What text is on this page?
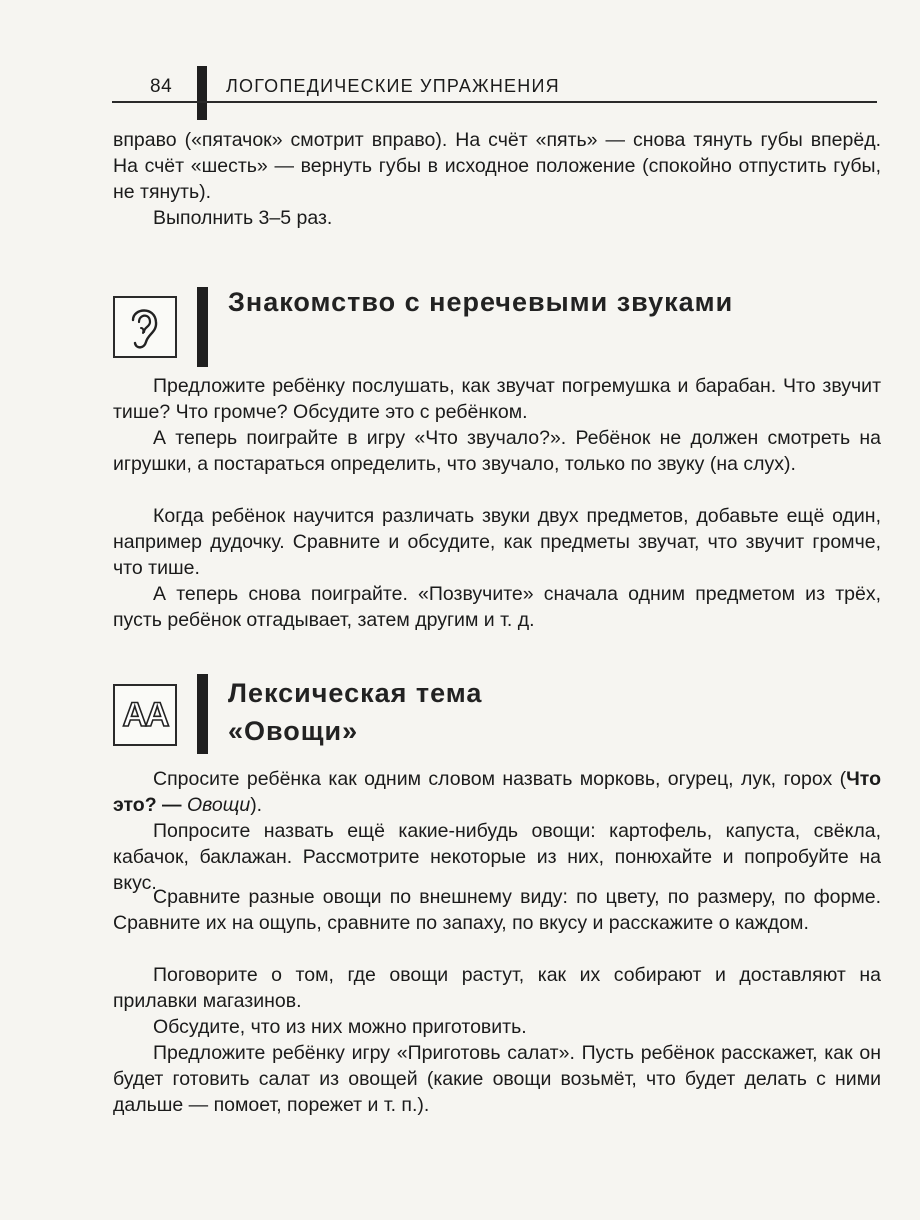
84	ЛОГОПЕДИЧЕСКИЕ УПРАЖНЕНИЯ
вправо («пятачок» смотрит вправо). На счёт «пять» — снова тянуть губы вперёд. На счёт «шесть» — вернуть губы в исходное положение (спокойно отпустить губы, не тянуть).
Выполнить 3–5 раз.
Знакомство с неречевыми звуками
Предложите ребёнку послушать, как звучат погремушка и барабан. Что звучит тише? Что громче? Обсудите это с ребёнком.
А теперь поиграйте в игру «Что звучало?». Ребёнок не должен смотреть на игрушки, а постараться определить, что звучало, только по звуку (на слух).
Когда ребёнок научится различать звуки двух предметов, добавьте ещё один, например дудочку. Сравните и обсудите, как предметы звучат, что звучит громче, что тише.
А теперь снова поиграйте. «Позвучите» сначала одним предметом из трёх, пусть ребёнок отгадывает, затем другим и т. д.
AA
Лексическая тема
«Овощи»
Спросите ребёнка как одним словом назвать морковь, огурец, лук, горох (Что это? — Овощи).
Попросите назвать ещё какие-нибудь овощи: картофель, капуста, свёкла, кабачок, баклажан. Рассмотрите некоторые из них, понюхайте и попробуйте на вкус.
Сравните разные овощи по внешнему виду: по цвету, по размеру, по форме. Сравните их на ощупь, сравните по запаху, по вкусу и расскажите о каждом.
Поговорите о том, где овощи растут, как их собирают и доставляют на прилавки магазинов.
Обсудите, что из них можно приготовить.
Предложите ребёнку игру «Приготовь салат». Пусть ребёнок расскажет, как он будет готовить салат из овощей (какие овощи возьмёт, что будет делать с ними дальше — помоет, порежет и т. п.).
